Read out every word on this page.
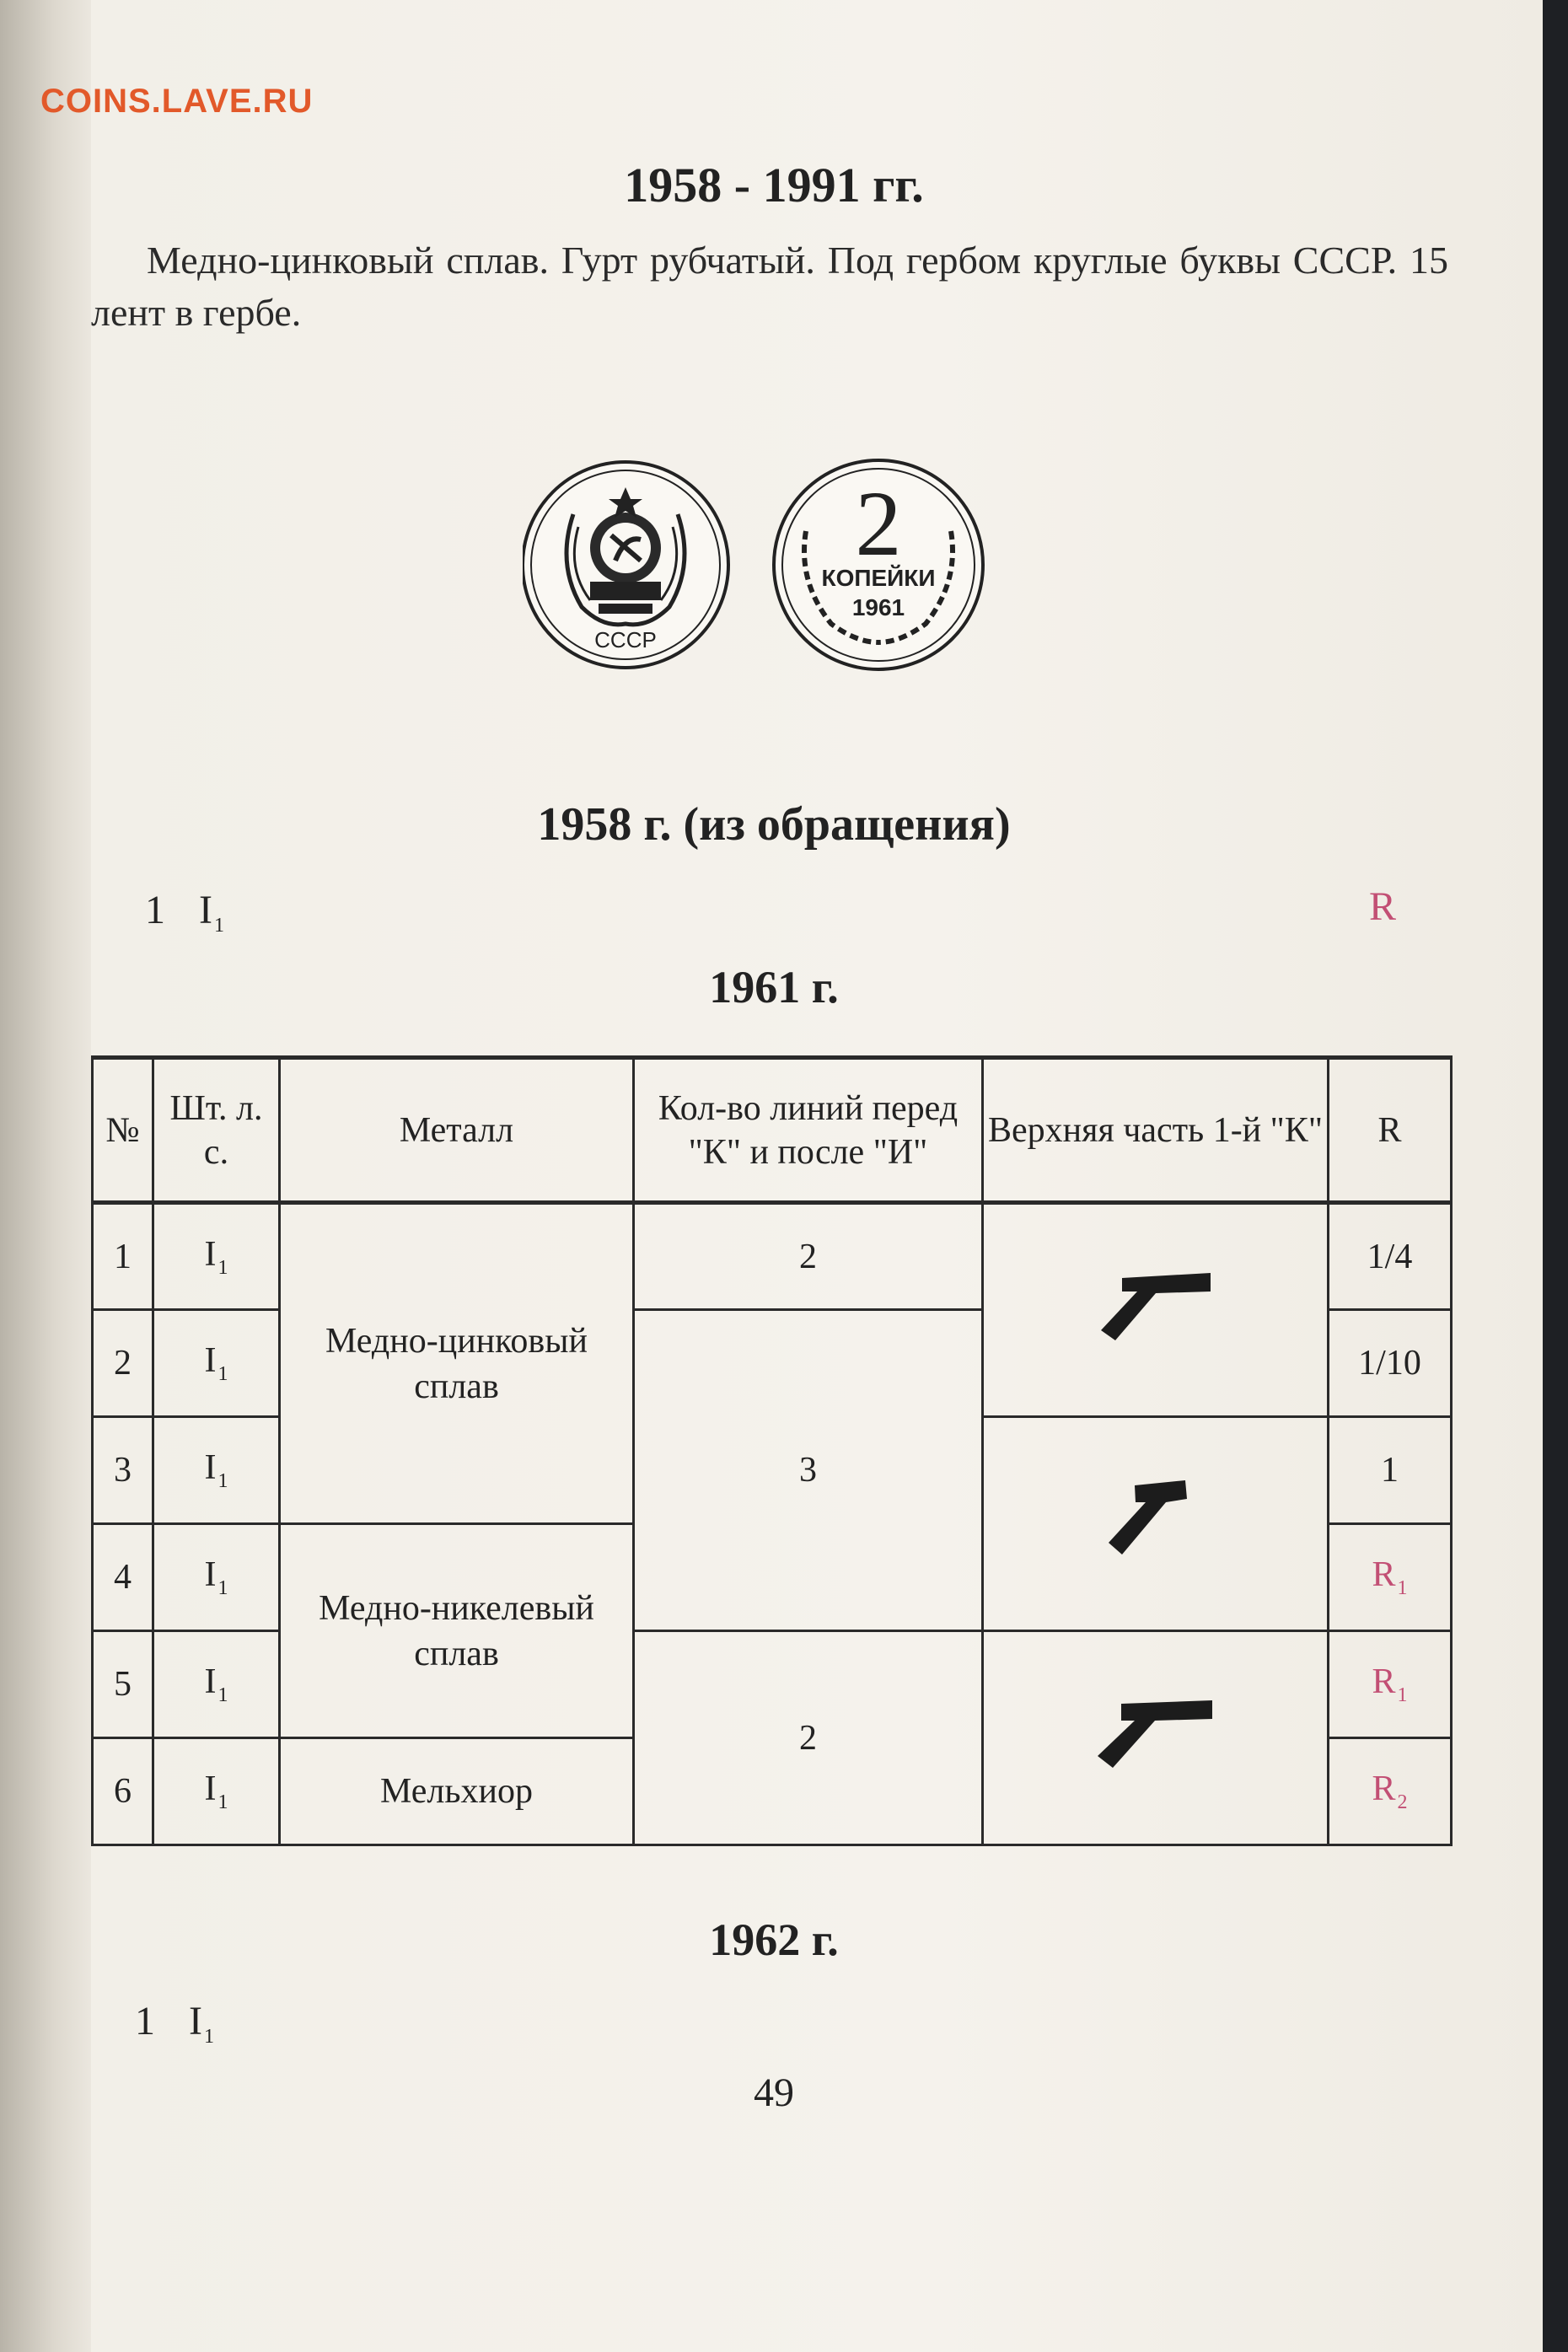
COINS.LAVE.RU
1958 - 1991 гг.

Медно-цинковый сплав. Гурт рубчатый. Под гербом круглые буквы СССР. 15 лент в гербе.

СССР
2
КОПЕЙКИ
1961
1958 г. (из обращения)
1 $I_1$	R
1961 г.
№	Шт. л. с.	Металл	Кол-во линий перед "К" и после "И"	Верхняя часть 1-й "К"	R
1	$I_1$	Медно-цинковый сплав	2		1/4
2	$I_1$		3		1/10
3	$I_1$				1
4	$I_1$	Медно-никелевый сплав			$R_1$
5	$I_1$		2		$R_1$
6	$I_1$	Мельхиор			$R_2$
1962 г.
1 $I_1$
49
